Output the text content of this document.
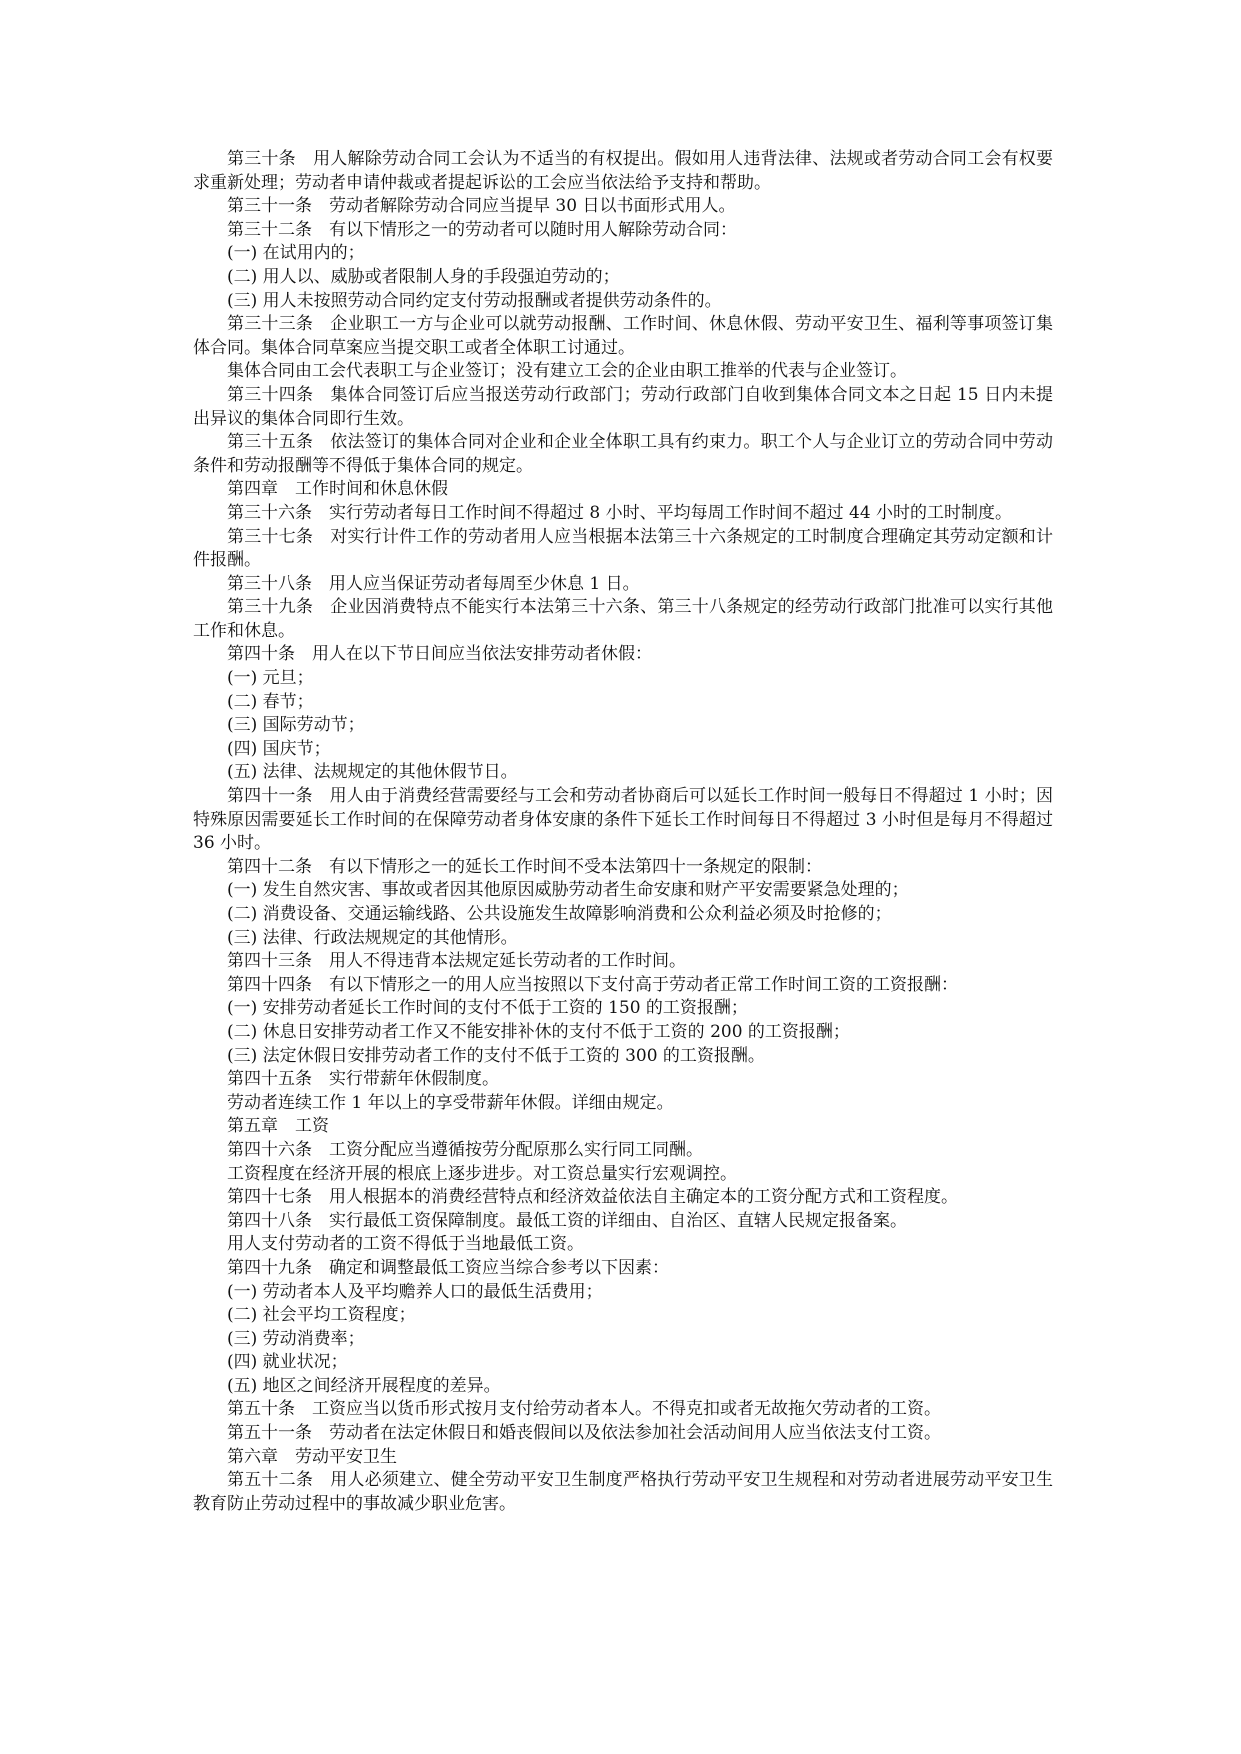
第三十条　用人解除劳动合同工会认为不适当的有权提出。假如用人违背法律、法规或者劳动合同工会有权要求重新处理；劳动者申请仲裁或者提起诉讼的工会应当依法给予支持和帮助。

第三十一条　劳动者解除劳动合同应当提早 30 日以书面形式用人。

第三十二条　有以下情形之一的劳动者可以随时用人解除劳动合同：

(一) 在试用内的；

(二) 用人以、威胁或者限制人身的手段强迫劳动的；

(三) 用人未按照劳动合同约定支付劳动报酬或者提供劳动条件的。

第三十三条　企业职工一方与企业可以就劳动报酬、工作时间、休息休假、劳动平安卫生、福利等事项签订集体合同。集体合同草案应当提交职工或者全体职工讨通过。

集体合同由工会代表职工与企业签订；没有建立工会的企业由职工推举的代表与企业签订。

第三十四条　集体合同签订后应当报送劳动行政部门；劳动行政部门自收到集体合同文本之日起 15 日内未提出异议的集体合同即行生效。

第三十五条　依法签订的集体合同对企业和企业全体职工具有约束力。职工个人与企业订立的劳动合同中劳动条件和劳动报酬等不得低于集体合同的规定。

第四章　工作时间和休息休假

第三十六条　实行劳动者每日工作时间不得超过 8 小时、平均每周工作时间不超过 44 小时的工时制度。

第三十七条　对实行计件工作的劳动者用人应当根据本法第三十六条规定的工时制度合理确定其劳动定额和计件报酬。

第三十八条　用人应当保证劳动者每周至少休息 1 日。

第三十九条　企业因消费特点不能实行本法第三十六条、第三十八条规定的经劳动行政部门批准可以实行其他工作和休息。

第四十条　用人在以下节日间应当依法安排劳动者休假：

(一) 元旦；

(二) 春节；

(三) 国际劳动节；

(四) 国庆节；

(五) 法律、法规规定的其他休假节日。

第四十一条　用人由于消费经营需要经与工会和劳动者协商后可以延长工作时间一般每日不得超过 1 小时；因特殊原因需要延长工作时间的在保障劳动者身体安康的条件下延长工作时间每日不得超过 3 小时但是每月不得超过 36 小时。

第四十二条　有以下情形之一的延长工作时间不受本法第四十一条规定的限制：

(一) 发生自然灾害、事故或者因其他原因威胁劳动者生命安康和财产平安需要紧急处理的；

(二) 消费设备、交通运输线路、公共设施发生故障影响消费和公众利益必须及时抢修的；

(三) 法律、行政法规规定的其他情形。

第四十三条　用人不得违背本法规定延长劳动者的工作时间。

第四十四条　有以下情形之一的用人应当按照以下支付高于劳动者正常工作时间工资的工资报酬：

(一) 安排劳动者延长工作时间的支付不低于工资的 150 的工资报酬；

(二) 休息日安排劳动者工作又不能安排补休的支付不低于工资的 200 的工资报酬；

(三) 法定休假日安排劳动者工作的支付不低于工资的 300 的工资报酬。

第四十五条　实行带薪年休假制度。

劳动者连续工作 1 年以上的享受带薪年休假。详细由规定。

第五章　工资

第四十六条　工资分配应当遵循按劳分配原那么实行同工同酬。

工资程度在经济开展的根底上逐步进步。对工资总量实行宏观调控。

第四十七条　用人根据本的消费经营特点和经济效益依法自主确定本的工资分配方式和工资程度。

第四十八条　实行最低工资保障制度。最低工资的详细由、自治区、直辖人民规定报备案。

用人支付劳动者的工资不得低于当地最低工资。

第四十九条　确定和调整最低工资应当综合参考以下因素：

(一) 劳动者本人及平均赡养人口的最低生活费用；

(二) 社会平均工资程度；

(三) 劳动消费率；

(四) 就业状况；

(五) 地区之间经济开展程度的差异。

第五十条　工资应当以货币形式按月支付给劳动者本人。不得克扣或者无故拖欠劳动者的工资。

第五十一条　劳动者在法定休假日和婚丧假间以及依法参加社会活动间用人应当依法支付工资。

第六章　劳动平安卫生

第五十二条　用人必须建立、健全劳动平安卫生制度严格执行劳动平安卫生规程和对劳动者进展劳动平安卫生教育防止劳动过程中的事故减少职业危害。
